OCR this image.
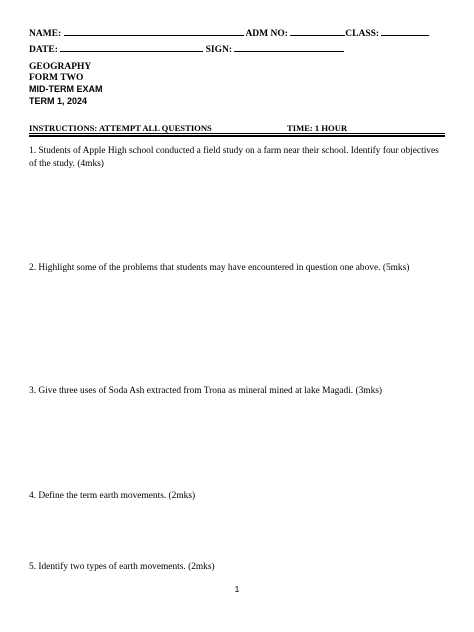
NAME:	ADM NO:	CLASS:
DATE:	SIGN:
GEOGRAPHY
FORM TWO
MID-TERM EXAM
TERM 1, 2024
INSTRUCTIONS: ATTEMPT ALL QUESTIONS	TIME: 1 HOUR
1. Students of Apple High school conducted a field study on a farm near their school. Identify four objectives of the study. (4mks)
2. Highlight some of the problems that students may have encountered in question one above. (5mks)
3. Give three uses of Soda Ash extracted from Trona as mineral mined at lake Magadi. (3mks)
4. Define the term earth movements. (2mks)
5. Identify two types of earth movements. (2mks)
1
